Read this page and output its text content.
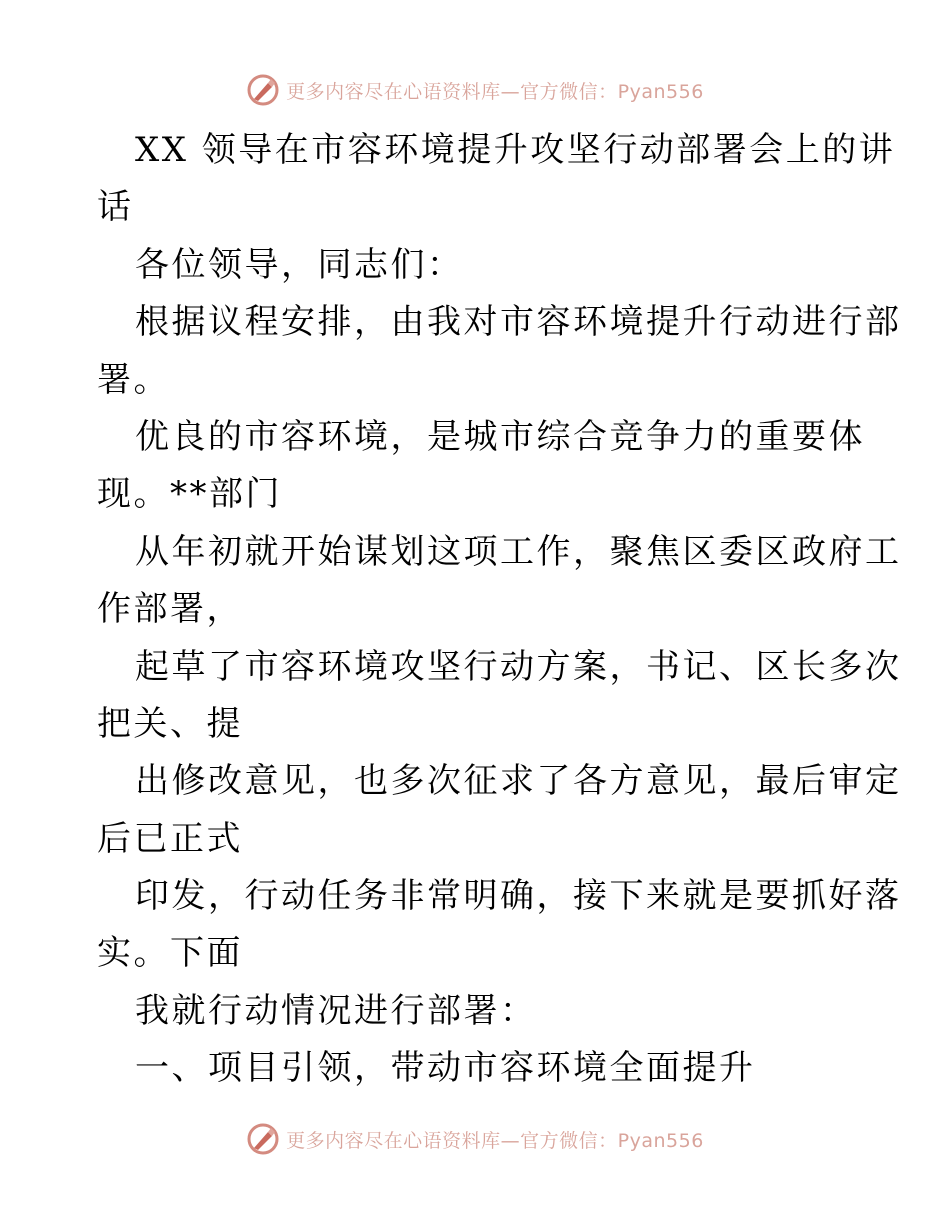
更多内容尽在心语资料库—官方微信：Pyan556
XX 领导在市容环境提升攻坚行动部署会上的讲
话
各位领导，同志们：
根据议程安排，由我对市容环境提升行动进行部
署。
优良的市容环境，是城市综合竞争力的重要体
现。**部门
从年初就开始谋划这项工作，聚焦区委区政府工
作部署，
起草了市容环境攻坚行动方案，书记、区长多次
把关、提
出修改意见，也多次征求了各方意见，最后审定
后已正式
印发，行动任务非常明确，接下来就是要抓好落
实。下面
我就行动情况进行部署：
一、项目引领，带动市容环境全面提升
更多内容尽在心语资料库—官方微信：Pyan556
